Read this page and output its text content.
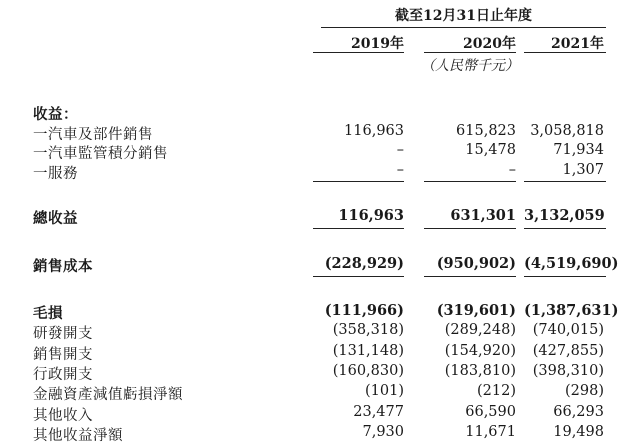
截至12月31日止年度
2019年	2020年	2021年
（人民幣千元）
收益：
一汽車及部件銷售	116,963	615,823 3,058,818
一汽車監管積分銷售	–	15,478	71,934
一服務	–	–	1,307
總收益	116,963	631,301 3,132,059
銷售成本	(228,929)	(950,902) (4,519,690)
毛損	(111,966)	(319,601) (1,387,631)
研發開支	(358,318)	(289,248)	(740,015)
銷售開支	(131,148)	(154,920)	(427,855)
行政開支	(160,830)	(183,810)	(398,310)
金融資產減值虧損淨額	(101)	(212)	(298)
其他收入	23,477	66,590	66,293
其他收益淨額	7,930	11,671	19,498
